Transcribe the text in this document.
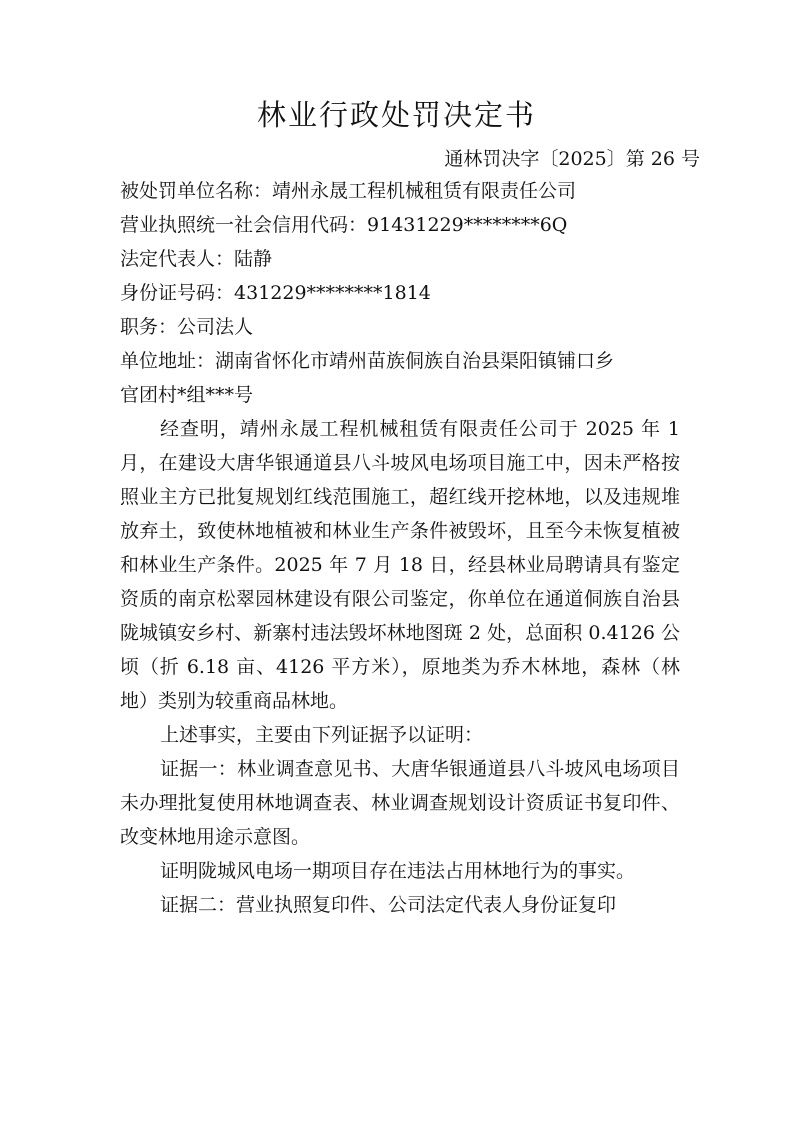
林业行政处罚决定书
通林罚决字〔2025〕第 26 号
被处罚单位名称：靖州永晟工程机械租赁有限责任公司
营业执照统一社会信用代码：91431229********6Q
法定代表人：陆静
身份证号码：431229********1814
职务：公司法人
单位地址：湖南省怀化市靖州苗族侗族自治县渠阳镇铺口乡
官团村*组***号
经查明，靖州永晟工程机械租赁有限责任公司于 2025 年 1 月，在建设大唐华银通道县八斗坡风电场项目施工中，因未严格按照业主方已批复规划红线范围施工，超红线开挖林地，以及违规堆放弃土，致使林地植被和林业生产条件被毁坏，且至今未恢复植被和林业生产条件。2025 年 7 月 18 日，经县林业局聘请具有鉴定资质的南京松翠园林建设有限公司鉴定，你单位在通道侗族自治县陇城镇安乡村、新寨村违法毁坏林地图斑 2 处，总面积 0.4126 公顷（折 6.18 亩、4126 平方米），原地类为乔木林地，森林（林地）类别为较重商品林地。
上述事实，主要由下列证据予以证明：
证据一：林业调查意见书、大唐华银通道县八斗坡风电场项目未办理批复使用林地调查表、林业调查规划设计资质证书复印件、改变林地用途示意图。
证明陇城风电场一期项目存在违法占用林地行为的事实。
证据二：营业执照复印件、公司法定代表人身份证复印
